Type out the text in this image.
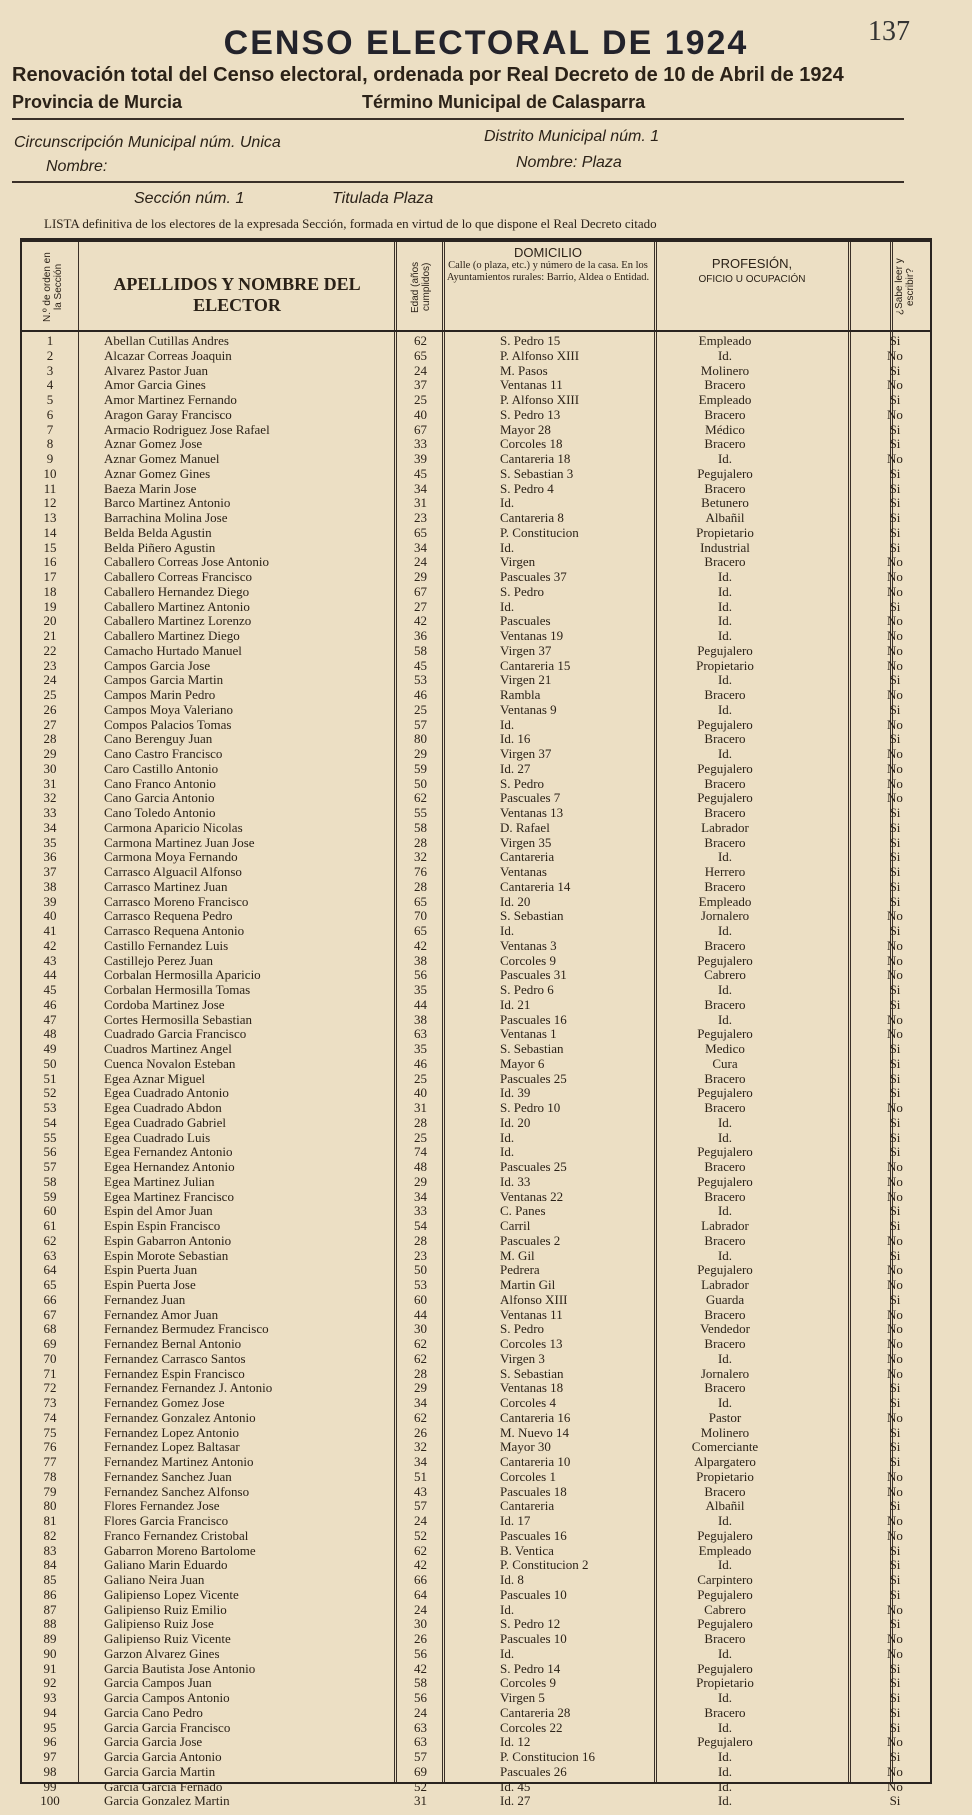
CENSO ELECTORAL DE 1924	137
Renovación total del Censo electoral, ordenada por Real Decreto de 10 de Abril de 1924
Provincia de Murcia	Término Municipal de Calasparra
Circunscripción Municipal núm. Unica	Distrito Municipal núm. 1
Nombre:	Nombre: Plaza
Sección núm. 1	Titulada Plaza
LISTA definitiva de los electores de la expresada Sección, formada en virtud de lo que dispone el Real Decreto citado
N.º de orden en la Sección	APELLIDOS Y NOMBRE DEL ELECTOR	Edad (años cumplidos)
DOMICILIO
Calle (o plaza, etc.) y número de la casa. En los Ayuntamientos rurales: Barrio, Aldea o Entidad.
PROFESIÓN,
OFICIO U OCUPACIÓN	¿Sabe leer y escribir?
1	Abellan Cutillas Andres	62	S. Pedro 15	Empleado	Si
2	Alcazar Correas Joaquin	65	P. Alfonso XIII	Id.	No
3	Alvarez Pastor Juan	24	M. Pasos	Molinero	Si
4	Amor Garcia Gines	37	Ventanas 11	Bracero	No
5	Amor Martinez Fernando	25	P. Alfonso XIII	Empleado	Si
6	Aragon Garay Francisco	40	S. Pedro 13	Bracero	No
7	Armacio Rodriguez Jose Rafael	67	Mayor 28	Médico	Si
8	Aznar Gomez Jose	33	Corcoles 18	Bracero	Si
9	Aznar Gomez Manuel	39	Cantareria 18	Id.	No
10	Aznar Gomez Gines	45	S. Sebastian 3	Pegujalero	Si
11	Baeza Marin Jose	34	S. Pedro 4	Bracero	Si
12	Barco Martinez Antonio	31	Id.	Betunero	Si
13	Barrachina Molina Jose	23	Cantareria 8	Albañil	Si
14	Belda Belda Agustin	65	P. Constitucion	Propietario	Si
15	Belda Piñero Agustin	34	Id.	Industrial	Si
16	Caballero Correas Jose Antonio	24	Virgen	Bracero	No
17	Caballero Correas Francisco	29	Pascuales 37	Id.	No
18	Caballero Hernandez Diego	67	S. Pedro	Id.	No
19	Caballero Martinez Antonio	27	Id.	Id.	Si
20	Caballero Martinez Lorenzo	42	Pascuales	Id.	No
21	Caballero Martinez Diego	36	Ventanas 19	Id.	No
22	Camacho Hurtado Manuel	58	Virgen 37	Pegujalero	No
23	Campos Garcia Jose	45	Cantareria 15	Propietario	No
24	Campos Garcia Martin	53	Virgen 21	Id.	Si
25	Campos Marin Pedro	46	Rambla	Bracero	No
26	Campos Moya Valeriano	25	Ventanas 9	Id.	Si
27	Compos Palacios Tomas	57	Id.	Pegujalero	No
28	Cano Berenguy Juan	80	Id. 16	Bracero	Si
29	Cano Castro Francisco	29	Virgen 37	Id.	No
30	Caro Castillo Antonio	59	Id. 27	Pegujalero	No
31	Cano Franco Antonio	50	S. Pedro	Bracero	No
32	Cano Garcia Antonio	62	Pascuales 7	Pegujalero	No
33	Cano Toledo Antonio	55	Ventanas 13	Bracero	Si
34	Carmona Aparicio Nicolas	58	D. Rafael	Labrador	Si
35	Carmona Martinez Juan Jose	28	Virgen 35	Bracero	Si
36	Carmona Moya Fernando	32	Cantareria	Id.	Si
37	Carrasco Alguacil Alfonso	76	Ventanas	Herrero	Si
38	Carrasco Martinez Juan	28	Cantareria 14	Bracero	Si
39	Carrasco Moreno Francisco	65	Id. 20	Empleado	Si
40	Carrasco Requena Pedro	70	S. Sebastian	Jornalero	No
41	Carrasco Requena Antonio	65	Id.	Id.	Si
42	Castillo Fernandez Luis	42	Ventanas 3	Bracero	No
43	Castillejo Perez Juan	38	Corcoles 9	Pegujalero	No
44	Corbalan Hermosilla Aparicio	56	Pascuales 31	Cabrero	No
45	Corbalan Hermosilla Tomas	35	S. Pedro 6	Id.	Si
46	Cordoba Martinez Jose	44	Id. 21	Bracero	Si
47	Cortes Hermosilla Sebastian	38	Pascuales 16	Id.	No
48	Cuadrado Garcia Francisco	63	Ventanas 1	Pegujalero	No
49	Cuadros Martinez Angel	35	S. Sebastian	Medico	Si
50	Cuenca Novalon Esteban	46	Mayor 6	Cura	Si
51	Egea Aznar Miguel	25	Pascuales 25	Bracero	Si
52	Egea Cuadrado Antonio	40	Id. 39	Pegujalero	Si
53	Egea Cuadrado Abdon	31	S. Pedro 10	Bracero	No
54	Egea Cuadrado Gabriel	28	Id. 20	Id.	Si
55	Egea Cuadrado Luis	25	Id.	Id.	Si
56	Egea Fernandez Antonio	74	Id.	Pegujalero	Si
57	Egea Hernandez Antonio	48	Pascuales 25	Bracero	No
58	Egea Martinez Julian	29	Id. 33	Pegujalero	No
59	Egea Martinez Francisco	34	Ventanas 22	Bracero	No
60	Espin del Amor Juan	33	C. Panes	Id.	Si
61	Espin Espin Francisco	54	Carril	Labrador	Si
62	Espin Gabarron Antonio	28	Pascuales 2	Bracero	No
63	Espin Morote Sebastian	23	M. Gil	Id.	Si
64	Espin Puerta Juan	50	Pedrera	Pegujalero	No
65	Espin Puerta Jose	53	Martin Gil	Labrador	No
66	Fernandez Juan	60	Alfonso XIII	Guarda	Si
67	Fernandez Amor Juan	44	Ventanas 11	Bracero	No
68	Fernandez Bermudez Francisco	30	S. Pedro	Vendedor	No
69	Fernandez Bernal Antonio	62	Corcoles 13	Bracero	No
70	Fernandez Carrasco Santos	62	Virgen 3	Id.	No
71	Fernandez Espin Francisco	28	S. Sebastian	Jornalero	No
72	Fernandez Fernandez J. Antonio	29	Ventanas 18	Bracero	Si
73	Fernandez Gomez Jose	34	Corcoles 4	Id.	Si
74	Fernandez Gonzalez Antonio	62	Cantareria 16	Pastor	No
75	Fernandez Lopez Antonio	26	M. Nuevo 14	Molinero	Si
76	Fernandez Lopez Baltasar	32	Mayor 30	Comerciante	Si
77	Fernandez Martinez Antonio	34	Cantareria 10	Alpargatero	Si
78	Fernandez Sanchez Juan	51	Corcoles 1	Propietario	No
79	Fernandez Sanchez Alfonso	43	Pascuales 18	Bracero	No
80	Flores Fernandez Jose	57	Cantareria	Albañil	Si
81	Flores Garcia Francisco	24	Id. 17	Id.	No
82	Franco Fernandez Cristobal	52	Pascuales 16	Pegujalero	No
83	Gabarron Moreno Bartolome	62	B. Ventica	Empleado	Si
84	Galiano Marin Eduardo	42	P. Constitucion 2	Id.	Si
85	Galiano Neira Juan	66	Id. 8	Carpintero	Si
86	Galipienso Lopez Vicente	64	Pascuales 10	Pegujalero	Si
87	Galipienso Ruiz Emilio	24	Id.	Cabrero	No
88	Galipienso Ruiz Jose	30	S. Pedro 12	Pegujalero	Si
89	Galipienso Ruiz Vicente	26	Pascuales 10	Bracero	No
90	Garzon Alvarez Gines	56	Id.	Id.	No
91	Garcia Bautista Jose Antonio	42	S. Pedro 14	Pegujalero	Si
92	Garcia Campos Juan	58	Corcoles 9	Propietario	Si
93	Garcia Campos Antonio	56	Virgen 5	Id.	Si
94	Garcia Cano Pedro	24	Cantareria 28	Bracero	Si
95	Garcia Garcia Francisco	63	Corcoles 22	Id.	Si
96	Garcia Garcia Jose	63	Id. 12	Pegujalero	No
97	Garcia Garcia Antonio	57	P. Constitucion 16	Id.	Si
98	Garcia Garcia Martin	69	Pascuales 26	Id.	No
99	Garcia Garcia Fernado	52	Id. 45	Id.	No
100	Garcia Gonzalez Martin	31	Id. 27	Id.	Si
